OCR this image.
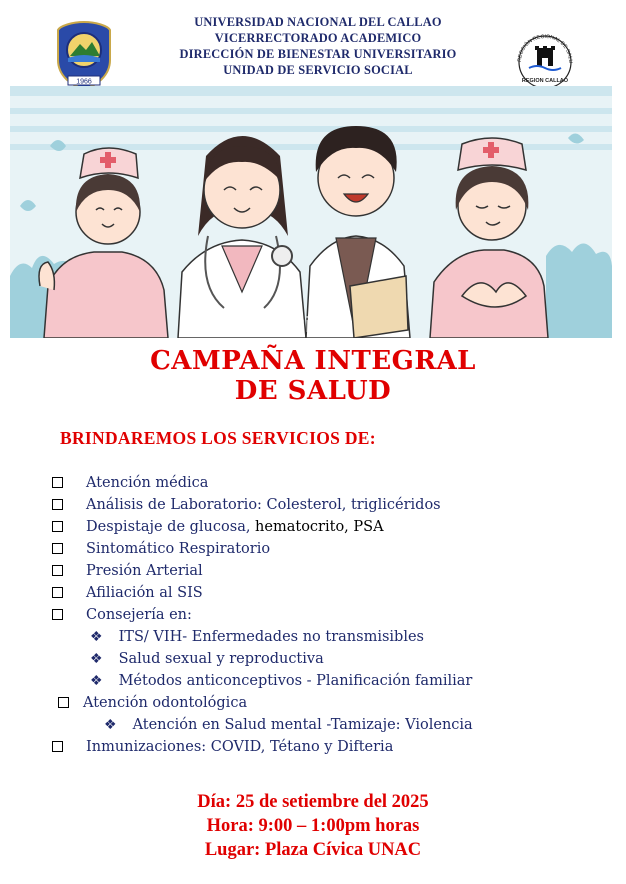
1966
UNIVERSIDAD NACIONAL DEL CALLAO
VICERRECTORADO ACADEMICO
DIRECCIÓN DE BIENESTAR UNIVERSITARIO
UNIDAD DE SERVICIO SOCIAL
RECCIÓN REGIONAL DE SALU
REGION CALLAO
lovePik
CAMPAÑA INTEGRAL
DE SALUD
BRINDAREMOS LOS SERVICIOS DE:
Atención médica
Análisis de Laboratorio: Colesterol, triglicéridos
Despistaje de glucosa, hematocrito, PSA
Sintomático Respiratorio
Presión Arterial
Afiliación al SIS
Consejería en:
❖ ITS/ VIH- Enfermedades no transmisibles
❖ Salud sexual y reproductiva
❖ Métodos anticonceptivos - Planificación familiar
Atención odontológica
❖ Atención en Salud mental -Tamizaje: Violencia
Inmunizaciones: COVID, Tétano y Difteria
Día: 25 de setiembre del 2025
Hora: 9:00 – 1:00pm horas
Lugar: Plaza Cívica UNAC
